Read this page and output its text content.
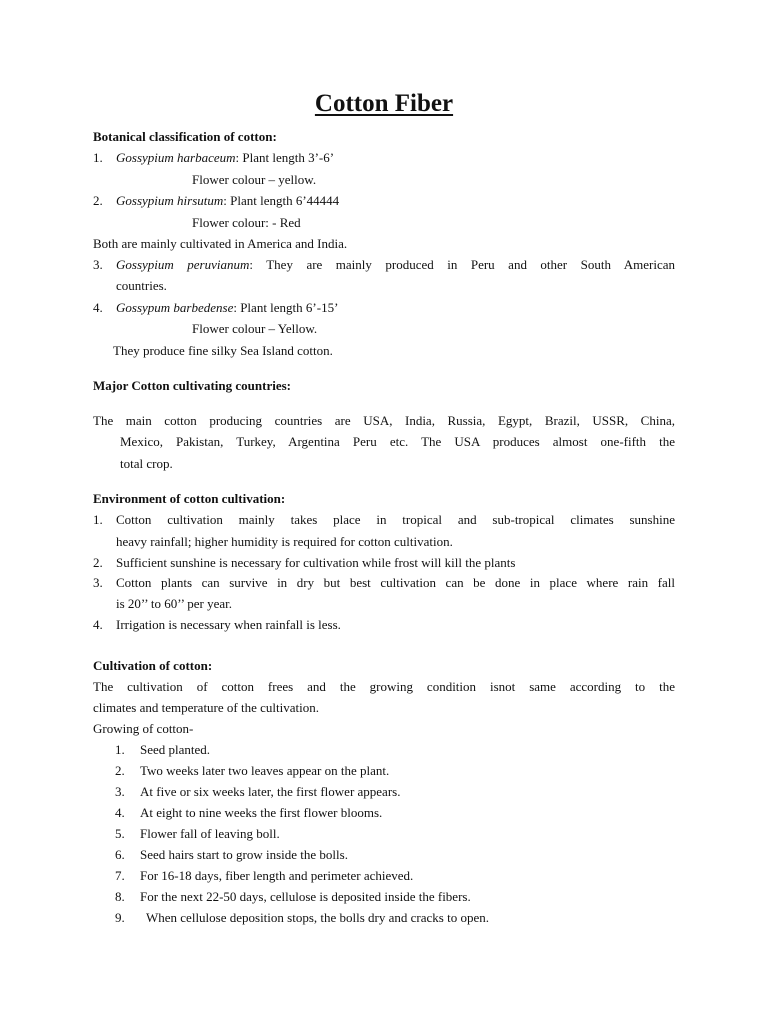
Cotton Fiber
Botanical classification of cotton:
1. Gossypium harbaceum: Plant length 3’-6’
Flower colour – yellow.
2. Gossypium hirsutum: Plant length 6’44444
Flower colour: - Red
Both are mainly cultivated in America and India.
3. Gossypium peruvianum: They are mainly produced in Peru and other South American
countries.
4. Gossypum barbedense: Plant length 6’-15’
Flower colour – Yellow.
They produce fine silky Sea Island cotton.
Major Cotton cultivating countries:
The main cotton producing countries are USA, India, Russia, Egypt, Brazil, USSR, China,
Mexico, Pakistan, Turkey, Argentina Peru etc. The USA produces almost one-fifth the
total crop.
Environment of cotton cultivation:
1. Cotton cultivation mainly takes place in tropical and sub-tropical climates sunshine
heavy rainfall; higher humidity is required for cotton cultivation.
2. Sufficient sunshine is necessary for cultivation while frost will kill the plants
3. Cotton plants can survive in dry but best cultivation can be done in place where rain fall
is 20’’ to 60’’ per year.
4. Irrigation is necessary when rainfall is less.
Cultivation of cotton:
The cultivation of cotton frees and the growing condition isnot same according to the
climates and temperature of the cultivation.
Growing of cotton-
1. Seed planted.
2. Two weeks later two leaves appear on the plant.
3. At five or six weeks later, the first flower appears.
4. At eight to nine weeks the first flower blooms.
5. Flower fall of leaving boll.
6. Seed hairs start to grow inside the bolls.
7. For 16-18 days, fiber length and perimeter achieved.
8. For the next 22-50 days, cellulose is deposited inside the fibers.
9. When cellulose deposition stops, the bolls dry and cracks to open.
